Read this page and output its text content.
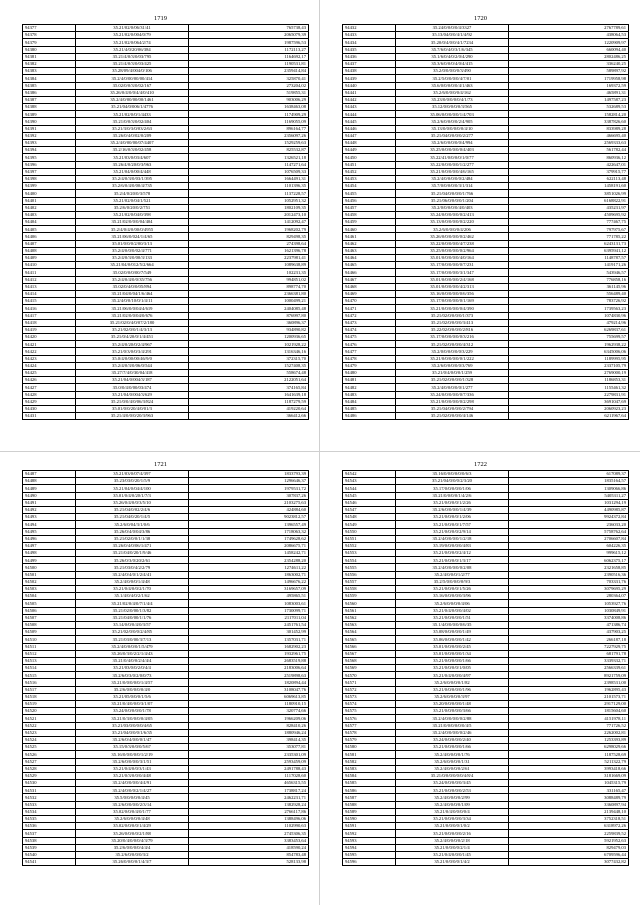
1719
94377	35.21/02/0/06/31/41	765738,43
94378	35.21/02/0/004/0/79	2065079,39
94379	35.21/02/0/064/2/74	1987596,53
94380	35.21/4/0/20/06/384	1172113,27
94381	35.21/4/0/3/0/03/795	1164692,17
94382	35.21/4/0/3/0/03/425	1190531,81
94383	35.28/09/4/004/0/106	2359414,84
94384	35.2/4/0/00/00/00/414	325870,41
94385	35.02/0/0/3/0/02/167	273204,02
94386	35.26/0/4/0/0/4/4/0/410	519855,31
94387	35.2/4/0/00/00/00/1461	903006,29
94388	35.21/04/0/006/1/4776	1638463,08
94389	35.21/02/0/0/1/4433	1174909,29
94390	35.21/0/0/3/0/02/404	1169055,09
94391	35.21/3/0/3/0/03/2/63	896164,77
94392	35.26/0/4/0/02/0/209	2356097,26
94393	35.2/4/0/00/00/07/4407	1529259,63
94394	35.2/16/0/3/0/02/458	825532,87
94395	35.21/03/0/03/4/607	1326521,18
94396	35.26/4/0/20/0/3/963	1147271,64
94397	35.21/04/0/00/4/448	1076509,33
94398	35.2/4/0/3/0/03/1/395	1664491,31
94399	35.2/6/0/4/0/00/4/735	1101396,35
94400	35.2/4/0/20/0/3/578	1137228,57
94401	35.21/02/0/04/1/521	1052951,32
94402	35.2/6/0/20/0/2/751	1802109,35
94403	35.21/02/0/04/0/398	2012473,10
94404	35.21/02/0/0/0/04/404	1412092,47
94405	35.2/4/0/4/0/00/0/4955	1968202,79
94406	35.21/06/0/024/1/4/65	829498,35
94407	35.01/0/0/0/2/00/3/13	274398,64
94408	35.2/4/0/0/0/02/4/771	1621396,78
94409	35.2/4/0/3/0/00/3/133	2237981,41
94410	35.21/04/0/012/5/2/664	1089638,89
94411	35.02/0/0/0/00/7/549	102231,35
94412	35.2/4/0/4/0/0/35/756	994851,02
94413	35.02/0/4/0/0/05/894	898774,70
94414	35.21/04/0/04/1/6/464	2366381,80
94415	35.2/4/0/0/10/0/1/4/11	1000499,21
94416	35.21/06/0/0/04/4/619	2404085,48
94417	35.21/02/0/0/04/0/676	876997,80
94418	35.21/02/0/4/0/07/2/180	360896,37
94419	35.21/02/0/0/1/4/3/13	934890,82
94420	35.21/0/4/20/0/1/4/451	1200936,65
94421	35.2/4/0/20/0/2/4/967	1021928,22
94422	35.21/0/3/0/0/3/4/291	1316346,16
94423	35.0/4/0/00/00/46/9/0	372315,70
94424	35.2/4/0/3/0/06/0/544	1527408,35
94425	35.27/7/4/0/30/04/418	558674,48
94426	35.21/04/0/004/3/187	2122051,64
94427	35.0/0/4/0/00/03/474	374165,84
94428	35.21/04/0/004/3/629	1641639,18
94429	35.21/0/0/4/0/06/3/824	1187279,59
94430	35.01/0/0/20/4/0/01/3	419220,64
94431	35.21/4/0/0/0/20/3/963	366412,66
1720
94432	35.24/0/0/0/0/4/3327	2767789,61
94433	35.13/04/0/0/4/1/4/92	438064,53
94434	35.20/0/4/0/0/4/1/7234	1220909,97
94435	35.7/6/0/4/0/3/1/6/345	660094,40
94436	35.1/6/0/4/0/2/0/4/290	2802486,25
94437	35.3/6/0/0/0/4/0/4/415	336240,25
94438	35.2/0/0/0/0/0/3/490	589897,92
94439	35.2/5/0/0/0/0/4/7/01	1719958,98
94440	35.6/0/0/0/0/0/4/1/463	169372,59
94441	35.2/6/0/0/0/0/4/162	465891,31
94442	35.23/0/0/0/0/0/4/1/73	1497587,23
94443	35.12/0/0/0/0/0/3/565	532689,53
94444	35.06/0/0/0/0/0/1/4/703	1582814,20
94445	35.2/6/0/0/0/0/2/4/905	3387826,60
94446	35.13/0/0/0/0/0/0/4/10	833989,28
94447	35.21/04/0/0/0/0/2/277	466695,40
94448	35.2/6/0/0/0/0/0/4/994	2569333,63
94449	35.25/0/0/0/0/0/0/4/403	561782,44
94450	35.22/41/0/0/0/0/1/0/77	860936,12
94451	35.22/0/0/0/0/0/1/2/277	422647,01
94452	35.21/0/0/0/0/0/4/6/165	379915,77
94453	35.2/4/0/0/0/0/0/2/484	622113,48
94454	35.7/0/0/0/0/0/3/1/314	1458191,60
94455	35.21/04/0/0/0/0/1/766	3851026,99
94456	35.21/06/0/0/0/0/1/204	6168822,91
94457	35.2/0/0/0/0/0/4/0/403	435231,97
94458	35.24/0/0/0/0/0/0/2/413	4509695,92
94459	35.13/0/0/0/0/0/0/2/220	777467,75
94460	35.2/6/0/0/0/0/4/206	797975,67
94461	35.26/0/0/0/0/0/0/2/462	771785,22
94462	35.22/0/0/0/0/0/4/7/238	6243131,73
94463	35.25/0/0/0/0/0/0/2/964	6395941,12
94464	35.01/0/0/0/0/0/4/0/164	1148787,57
94465	35.17/0/0/0/0/0/0/7/231	1419171,26
94466	35.17/0/0/0/0/0/3/1/347	543946,57
94467	35.01/0/0/0/0/0/2/4/168	776858,16
94468	35.01/0/0/0/0/0/4/2/313	361145,96
94469	35.16/0/0/0/0/0/0/6/356	556489,40
94470	35.17/0/0/0/0/0/0/1/169	783726,92
94471	35.21/0/0/0/0/0/0/4/390	1739563,23
94472	35.21/02/0/0/0/0/1/373	1074830,96
94473	35.21/02/0/0/0/0/3/413	479214,96
94474	35.22/02/0/0/0/0/2/816	6269837,61
94475	35.17/0/0/0/0/0/0/3/216	755699,57
94476	35.21/02/0/0/0/0/4/312	1962938,22
94477	35.2/0/0/0/0/0/0/3/229	6345006,06
94478	35.21/0/0/0/0/0/0/1/222	1189995,95
94479	35.2/6/0/0/0/0/0/3/769	2337105,79
94480	35.21/0/4/0/0/0/1/259	2769000,19
94481	35.21/02/0/0/0/0/1/328	1186853,31
94482	35.2/4/0/0/0/0/0/1/277	1155461,32
94483	35.24/0/0/0/0/0/0/7/336	2279831,91
94484	35.21/0/0/0/0/0/0/2/298	3691047,69
94485	35.21/04/0/0/0/0/2/794	2060923,23
94486	35.21/02/0/0/0/0/4/146	6211967,64
1721
94487	35.21/03/0/07/4/397	1833793,39
94488	35.23/03/0/20/1/5/9	1296646,37
94489	35.21/04/0/04/4/100	1979531,72
94490	35.01/0/4/0/20/1/7/3	307837,26
94491	35.26/0/4/0/0/3/5/10	2103275,63
94492	35.21/04/0/02/2/4/6	424884,60
94493	35.21/04/0/20/1/4/5	9023812,57
94494	35.2/6/0/04/3/1/0/6	1396557,49
94495	35.26/0/4/0/04/3/86	1718063,32
94496	35.21/02/0/0/1/1/38	1749628,62
94497	35.26/0/4/0/06/1/471	2086675,71
94498	35.21/04/0/20/1/9/46	1458242,71
94499	35.26/0/3/0/20/2/61	2354288,20
94500	35.21/03/0/4/2/2/79	1274611,22
94501	35.2/4/0/4/0/1/2/4/41	1863002,71
94502	35.2/4/0/0/0/1/4/48	1496676,22
94503	35.21/0/4/0/0/2/1/70	3169657,09
94504	35.1/4/0/4/0/2/1/62	495865,51
94505	35.21/02/0/4/0/7/1/4/4	1083003,61
94506	35.21/02/0/00/1/3/82	1730099,71
94507	35.21/04/0/00/1/1/76	2117011,04
94508	35.14/0/0/0/4/0/3/57	2451761,54
94509	35.21/02/0/0/0/2/4/85	301452,99
94510	35.21/03/0/00/3/7/13	1357031,71
94511	35.2/4/0/0/0/0/1/5/479	1682902,23
94512	35.26/0/3/0/2/2/1/4/43	1932961,75
94513	35.21/0/4/0/0/2/4/4/4	2683519,88
94514	35.21/03/0/0/2/0/4/4	2183006,64
94515	35.2/6/0/3/0/2/0/0/73	2519898,63
94516	35.21/0/0/0/0/0/1/4/57	1820894,44
94517	35.2/6/0/0/0/0/0/4/0	3108047,76
94518	35.21/05/0/0/0/1/5/6	6069613,85
94519	35.21/0/4/0/0/0/3/1/07	1180910,15
94520	35.24/0/0/0/0/0/1/78	320774,66
94521	35.21/0/3/0/0/0/0/4/05	1966209,06
94522	35.21/03/0/0/0/0/4/65	828410,26
94523	35.21/04/0/0/0/1/6/35	1880946,24
94524	35.2/6/0/4/0/0/0/1/47	398414,35
94525	35.15/0/3/0/0/0/5/67	353077,81
94526	35.16/0/0/0/0/0/1/2/19	2335301,09
94527	35.2/6/0/0/0/0/3/1/51	2593459,09
94528	35.21/0/4/0/0/3/1/43	2491788,43
94529	35.21/0/3/0/0/0/4/48	1117028,60
94530	35.2/4/0/0/0/0/4/4/91	4656315,55
94531	35.2/4/0/0/0/2/1/4/27	1738817,24
94532	35.5/0/0/0/0/0/4/45	2462231,71
94533	35.2/6/0/0/0/0/2/3/14	1382928,24
94534	35.02/0/0/0/4/0/1/77	2766117,86
94535	35.2/6/0/0/0/0/4/48	1388496,06
94536	35.02/0/0/0/0/1/4/29	1102990,63
94537	35.26/0/0/0/0/2/1/88	2745306,35
94538	35.20/0/4/0/0/0/4/3/79	3383453,64
94539	35.2/6/0/0/0/0/4/4/4	418590,24
94540	35.2/6/0/0/0/0/3/2	854783,48
94541	35.26/0/0/0/0/1/4/3/7	528133,98
1722
94542	35.16/0/0/0/0/0/0/6/3	617089,37
94543	35.21/04/0/0/0/2/3/20	1835164,57
94544	35.17/0/0/0/0/0/1/06	1309066,86
94545	35.21/0/0/0/0/1/4/2/6	5405311,27
94546	35.21/0/0/0/0/1/2/26	1031294,19
94547	35.2/6/0/0/0/0/1/4/39	4490985,87
94548	35.21/0/0/0/0/1/2/06	9924372,84
94549	35.21/0/0/0/0/1/7/57	236033,20
94550	35.21/0/0/0/0/2/9/14	5758762,64
94551	35.2/4/0/0/0/0/1/2/18	2706607,84
94552	35.19/0/0/0/0/0/4/83	604226,35
94553	35.21/0/0/0/0/2/4/12	999615,12
94554	35.21/0/0/0/0/1/3/17	6062375,17
94555	35.2/4/0/0/0/0/0/2/08	2321658,85
94556	35.2/4/0/0/0/1/2/77	2390516,36
94557	35.2/5/0/0/0/0/0/9/3	703331,76
94558	35.21/0/0/0/0/1/5/26	3079695,29
94559	35.16/0/0/0/0/0/3/96	280364,07
94560	35.2/6/0/0/0/0/4/06	1053927,76
94561	35.21/0/4/0/0/0/4/02	1030849,91
94562	35.21/0/0/0/0/0/1/51	3374008,86
94563	35.1/4/0/0/0/0/0/6/35	471386,74
94564	35.08/0/0/0/0/0/1/49	437903,25
94565	35.06/0/0/0/0/0/1/42	266187,18
94566	35.01/0/0/0/0/0/2/45	7227929,75
94567	35.01/0/0/0/0/0/1/34	681791,78
94568	35.21/0/0/0/0/0/1/66	3339332,71
94569	35.21/0/0/0/0/1/0/05	2566339,61
94570	35.21/0/4/0/0/0/4/97	8921759,09
94571	35.2/6/0/0/0/0/1/82	2398531,00
94572	35.21/0/0/0/0/0/1/96	1962895,43
94573	35.2/6/0/0/0/0/3/97	2101573,71
94574	35.20/0/0/0/0/0/1/48	2917129,00
94575	35.21/0/0/0/0/0/3/66	1815604,60
94576	35.2/4/0/0/0/0/0/2/88	4151978,11
94577	35.21/0/0/0/0/0/0/4/5	771726,52
94578	35.2/4/0/0/0/0/0/2/46	2262002,81
94579	35.24/0/0/0/0/0/2/40	1253393,89
94580	35.21/0/0/0/0/0/1/66	6298029,66
94581	35.2/4/0/0/0/0/1/76	1187528,69
94582	35.2/6/0/0/0/0/1/31	5211322,79
94583	35.2/4/0/0/0/0/2/61	3993418,66
94584	35.21/0/0/0/0/0/0/4/8/4	3181669,09
94585	35.24/0/0/0/0/0/3/45	1045315,79
94586	35.21/0/0/0/0/0/2/53	331165,47
94587	35.2/4/0/0/0/0/2/99	3088489,79
94588	35.2/4/0/0/0/0/1/09	3360897,94
94589	35.21/0/4/0/0/0/0/4	2139448,10
94590	35.21/0/0/0/0/0/3/34	3752318,51
94591	35.21/0/0/0/0/1/0/2	6318972,26
94592	35.21/0/0/0/0/0/2/16	2259839,52
94593	35.2/4/0/0/0/0/2/18	5921952,63
94594	35.21/0/0/0/0/2/1/4	829479,03
94595	35.21/0/4/0/0/0/1/45	6709596,44
94596	35.21/0/0/0/0/1/4/2	3077432,82
